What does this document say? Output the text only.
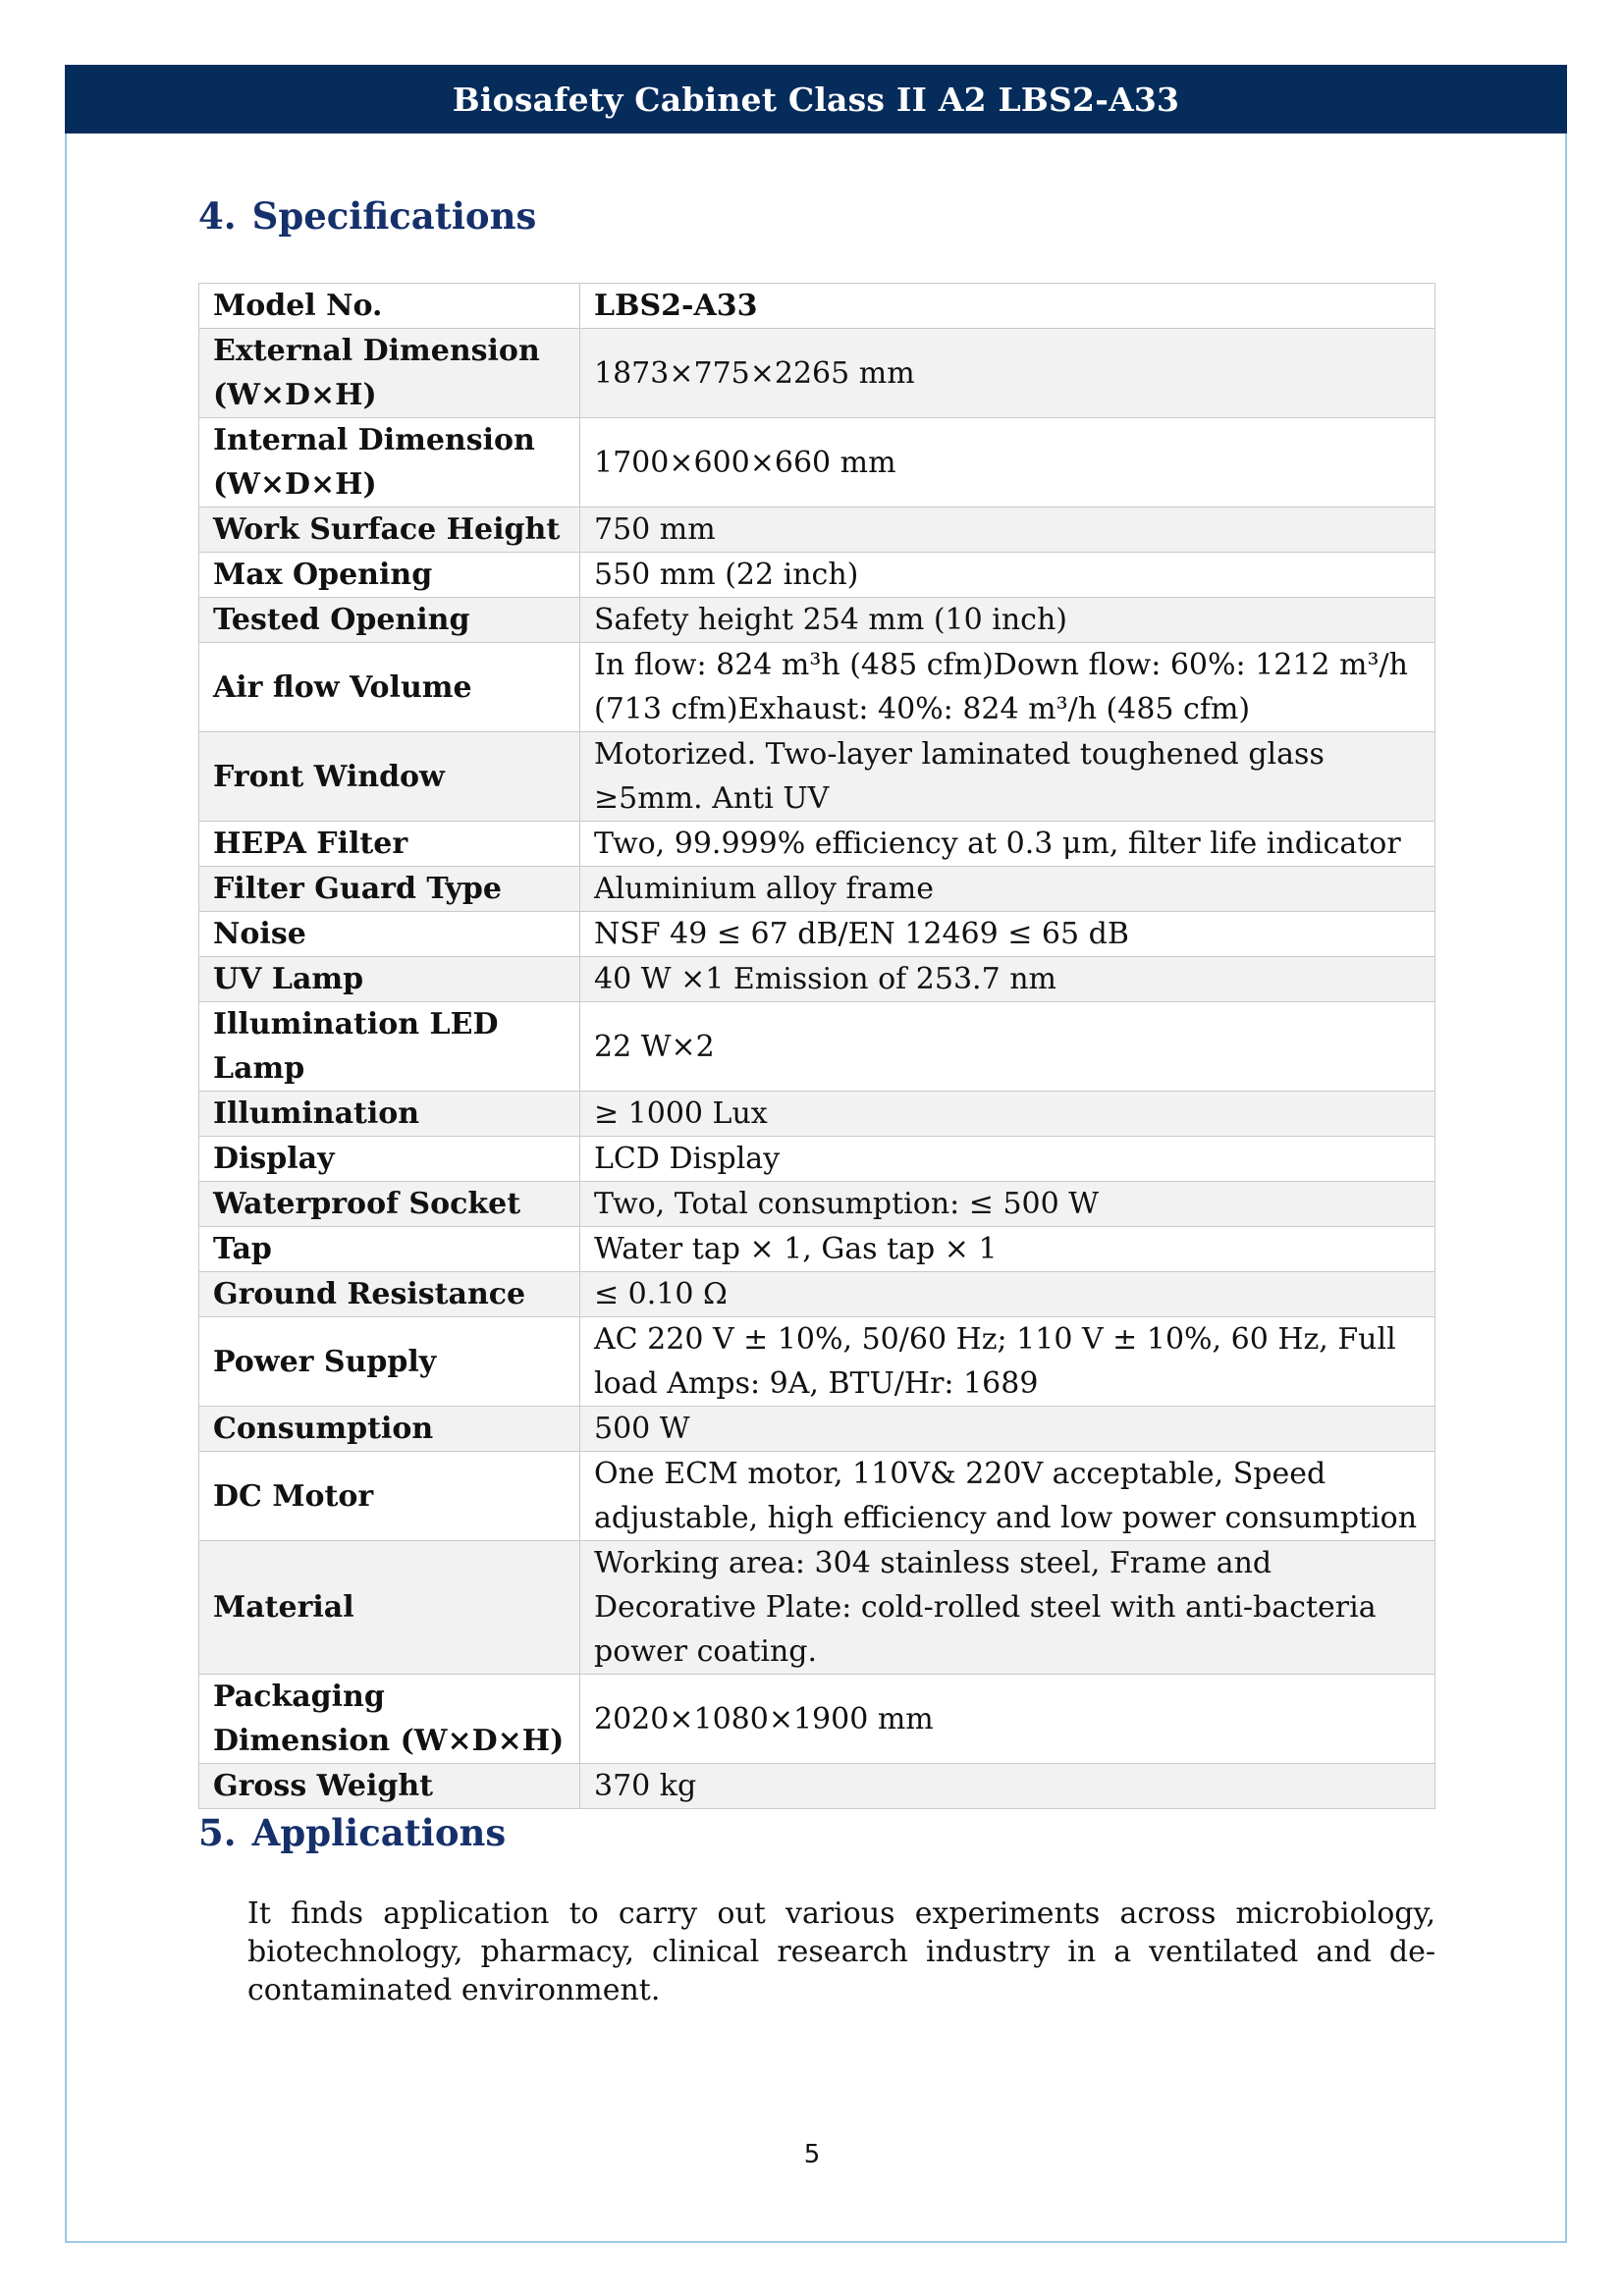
Biosafety Cabinet Class II A2 LBS2-A33
4. Specifications
Model No.	LBS2-A33
External Dimension (W×D×H)	1873×775×2265 mm
Internal Dimension (W×D×H)	1700×600×660 mm
Work Surface Height	750 mm
Max Opening	550 mm (22 inch)
Tested Opening	Safety height 254 mm (10 inch)
Air flow Volume	In flow: 824 m³h (485 cfm)Down flow: 60%: 1212 m³/h (713 cfm)Exhaust: 40%: 824 m³/h (485 cfm)
Front Window	Motorized. Two-layer laminated toughened glass ≥5mm. Anti UV
HEPA Filter	Two, 99.999% efficiency at 0.3 μm, filter life indicator
Filter Guard Type	Aluminium alloy frame
Noise	NSF 49 ≤ 67 dB/EN 12469 ≤ 65 dB
UV Lamp	40 W ×1 Emission of 253.7 nm
Illumination LED Lamp	22 W×2
Illumination	≥ 1000 Lux
Display	LCD Display
Waterproof Socket	Two, Total consumption: ≤ 500 W
Tap	Water tap × 1, Gas tap × 1
Ground Resistance	≤ 0.10 Ω
Power Supply	AC 220 V ± 10%, 50/60 Hz; 110 V ± 10%, 60 Hz, Full load Amps: 9A, BTU/Hr: 1689
Consumption	500 W
DC Motor	One ECM motor, 110V& 220V acceptable, Speed adjustable, high efficiency and low power consumption
Material	Working area: 304 stainless steel, Frame and Decorative Plate: cold-rolled steel with anti-bacteria power coating.
Packaging Dimension (W×D×H)	2020×1080×1900 mm
Gross Weight	370 kg
5. Applications

It finds application to carry out various experiments across microbiology, biotechnology, pharmacy, clinical research industry in a ventilated and de-contaminated environment.

5
